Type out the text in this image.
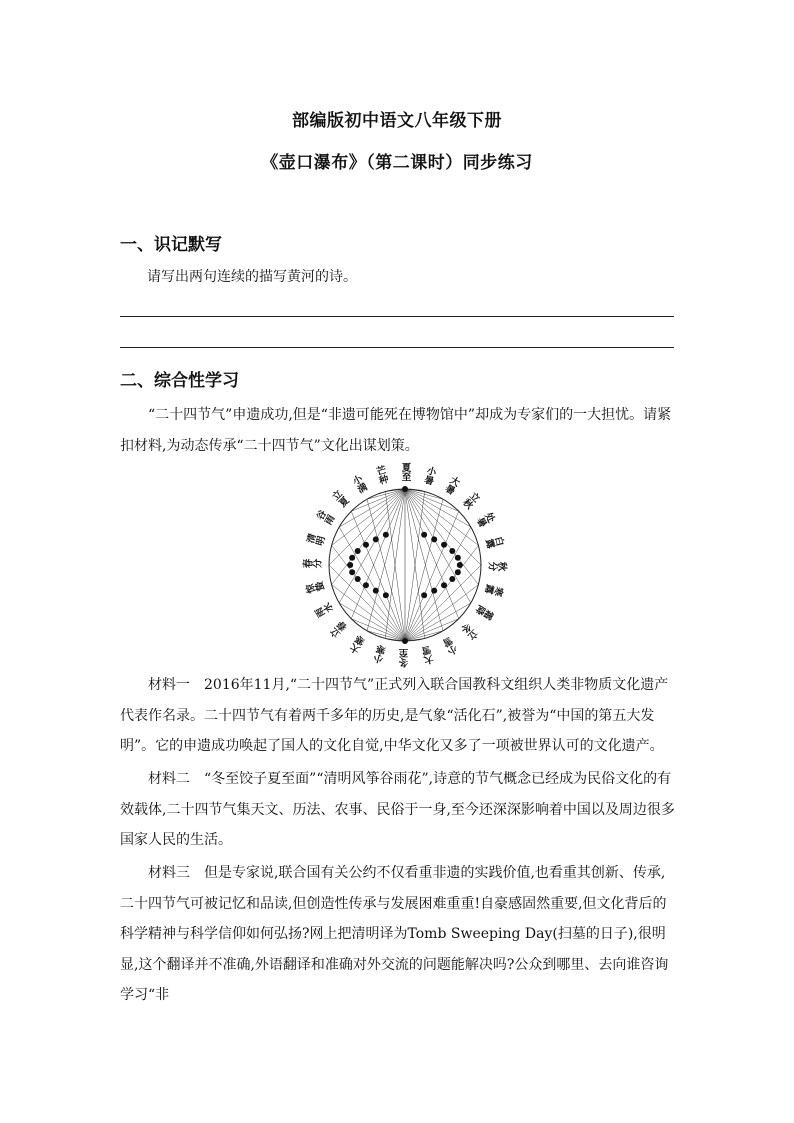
部编版初中语文八年级下册
《壶口瀑布》（第二课时）同步练习
一、识记默写
请写出两句连续的描写黄河的诗。
二、综合性学习
“二十四节气”申遗成功,但是“非遗可能死在博物馆中”却成为专家们的一大担忧。请紧扣材料,为动态传承“二十四节气”文化出谋划策。
夏至 小暑 大暑
立秋
处暑
白露
秋分
寒露
霜降
立冬
小雪
大雪
冬至
小寒
大寒
立春
雨水
惊蛰
春分
清明
谷雨
立夏
小满 芒种
材料一 2016年11月,“二十四节气”正式列入联合国教科文组织人类非物质文化遗产代表作名录。二十四节气有着两千多年的历史,是气象“活化石”,被誉为“中国的第五大发明”。它的申遗成功唤起了国人的文化自觉,中华文化又多了一项被世界认可的文化遗产。
材料二 “冬至饺子夏至面”“清明风筝谷雨花”,诗意的节气概念已经成为民俗文化的有效载体,二十四节气集天文、历法、农事、民俗于一身,至今还深深影响着中国以及周边很多国家人民的生活。
材料三 但是专家说,联合国有关公约不仅看重非遗的实践价值,也看重其创新、传承,二十四节气可被记忆和品读,但创造性传承与发展困难重重!自豪感固然重要,但文化背后的科学精神与科学信仰如何弘扬?网上把清明译为Tomb Sweeping Day(扫墓的日子),很明显,这个翻译并不准确,外语翻译和准确对外交流的问题能解决吗?公众到哪里、去向谁咨询学习“非
